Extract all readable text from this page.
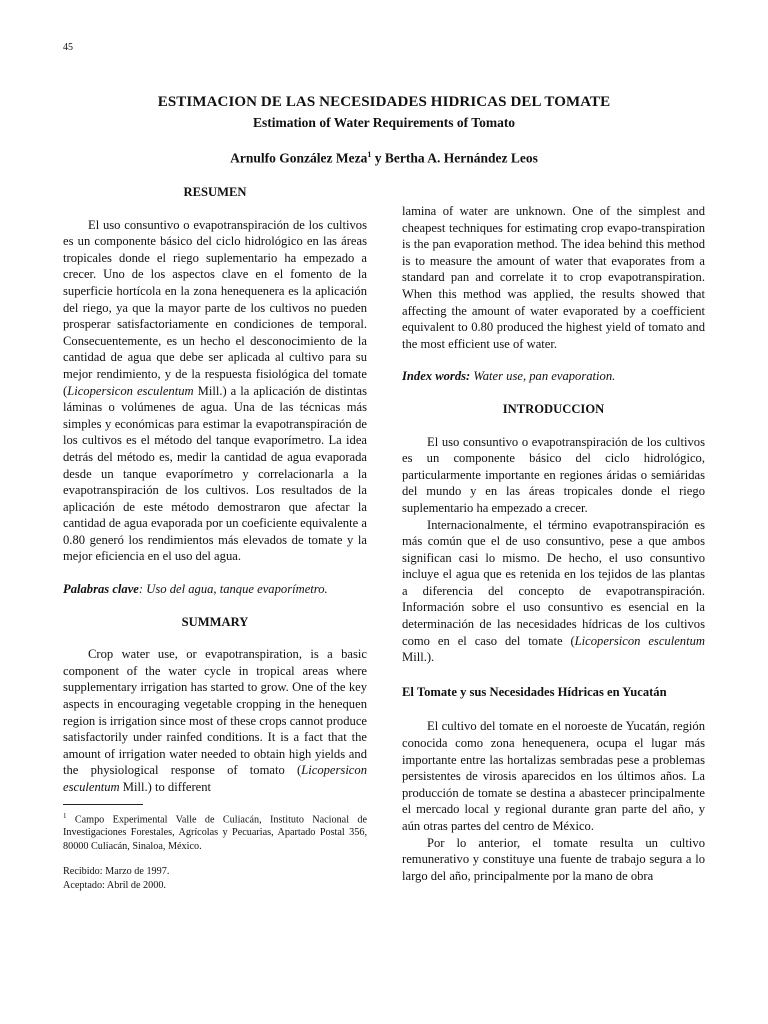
45
ESTIMACION DE LAS NECESIDADES HIDRICAS DEL TOMATE
Estimation of Water Requirements of Tomato
Arnulfo González Meza$^1$ y Bertha A. Hernández Leos
RESUMEN

El uso consuntivo o evapotranspiración de los cultivos es un componente básico del ciclo hidrológico en las áreas tropicales donde el riego suplementario ha empezado a crecer. Uno de los aspectos clave en el fomento de la superficie hortícola en la zona henequenera es la aplicación del riego, ya que la mayor parte de los cultivos no pueden prosperar satisfactoriamente en condiciones de temporal. Consecuentemente, es un hecho el desconocimiento de la cantidad de agua que debe ser aplicada al cultivo para su mejor rendimiento, y de la respuesta fisiológica del tomate (Licopersicon esculentum Mill.) a la aplicación de distintas láminas o volúmenes de agua. Una de las técnicas más simples y económicas para estimar la evapotranspiración de los cultivos es el método del tanque evaporímetro. La idea detrás del método es, medir la cantidad de agua evaporada desde un tanque evaporímetro y correlacionarla a la evapotranspiración de los cultivos. Los resultados de la aplicación de este método demostraron que afectar la cantidad de agua evaporada por un coeficiente equivalente a 0.80 generó los rendimientos más elevados de tomate y la mejor eficiencia en el uso del agua.

Palabras clave: Uso del agua, tanque evaporímetro.

SUMMARY

Crop water use, or evapotranspiration, is a basic component of the water cycle in tropical areas where supplementary irrigation has started to grow. One of the key aspects in encouraging vegetable cropping in the henequen region is irrigation since most of these crops cannot produce satisfactorily under rainfed conditions. It is a fact that the amount of irrigation water needed to obtain high yields and the physiological response of tomato (Licopersicon esculentum Mill.) to different

$^1$ Campo Experimental Valle de Culiacán, Instituto Nacional de Investigaciones Forestales, Agrícolas y Pecuarias, Apartado Postal 356, 80000 Culiacán, Sinaloa, México.

Recibido: Marzo de 1997.

Aceptado: Abril de 2000.

lamina of water are unknown. One of the simplest and cheapest techniques for estimating crop evapo-transpiration is the pan evaporation method. The idea behind this method is to measure the amount of water that evaporates from a standard pan and correlate it to crop evapotranspiration. When this method was applied, the results showed that affecting the amount of water evaporated by a coefficient equivalent to 0.80 produced the highest yield of tomato and the most efficient use of water.

Index words: Water use, pan evaporation.

INTRODUCCION

El uso consuntivo o evapotranspiración de los cultivos es un componente básico del ciclo hidrológico, particularmente importante en regiones áridas o semiáridas del mundo y en las áreas tropicales donde el riego suplementario ha empezado a crecer.

Internacionalmente, el término evapotranspiración es más común que el de uso consuntivo, pese a que ambos significan casi lo mismo. De hecho, el uso consuntivo incluye el agua que es retenida en los tejidos de las plantas a diferencia del concepto de evapotranspiración. Información sobre el uso consuntivo es esencial en la determinación de las necesidades hídricas de los cultivos como en el caso del tomate (Licopersicon esculentum Mill.).

El Tomate y sus Necesidades Hídricas en Yucatán

El cultivo del tomate en el noroeste de Yucatán, región conocida como zona henequenera, ocupa el lugar más importante entre las hortalizas sembradas pese a problemas persistentes de virosis aparecidos en los últimos años. La producción de tomate se destina a abastecer principalmente el mercado local y regional durante gran parte del año, y aún otras partes del centro de México.

Por lo anterior, el tomate resulta un cultivo remunerativo y constituye una fuente de trabajo segura a lo largo del año, principalmente por la mano de obra
